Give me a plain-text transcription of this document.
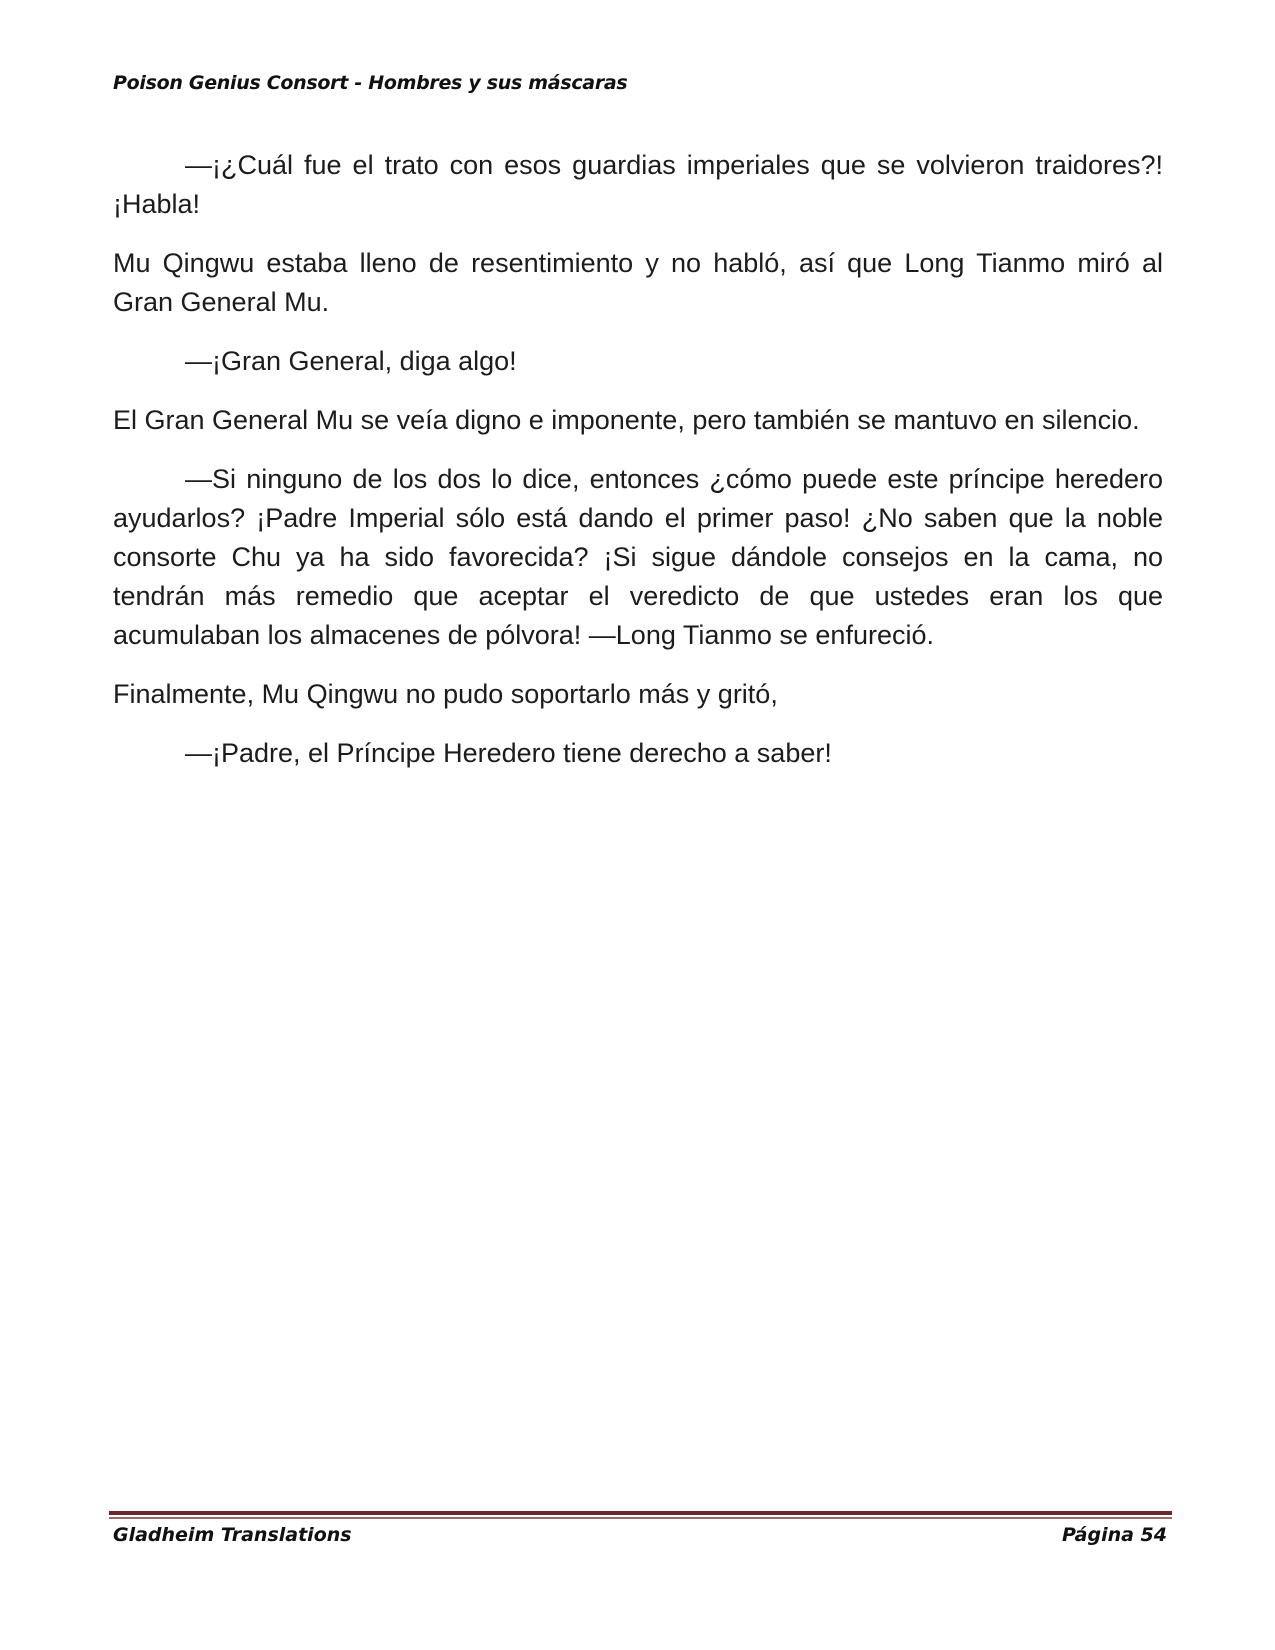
Poison Genius Consort - Hombres y sus máscaras

—¡¿Cuál fue el trato con esos guardias imperiales que se volvieron traidores?! ¡Habla!

Mu Qingwu estaba lleno de resentimiento y no habló, así que Long Tianmo miró al Gran General Mu.

—¡Gran General, diga algo!

El Gran General Mu se veía digno e imponente, pero también se mantuvo en silencio.

—Si ninguno de los dos lo dice, entonces ¿cómo puede este príncipe heredero ayudarlos? ¡Padre Imperial sólo está dando el primer paso! ¿No saben que la noble consorte Chu ya ha sido favorecida? ¡Si sigue dándole consejos en la cama, no tendrán más remedio que aceptar el veredicto de que ustedes eran los que acumulaban los almacenes de pólvora! —Long Tianmo se enfureció.

Finalmente, Mu Qingwu no pudo soportarlo más y gritó,

—¡Padre, el Príncipe Heredero tiene derecho a saber!

Gladheim Translations	Página 54
